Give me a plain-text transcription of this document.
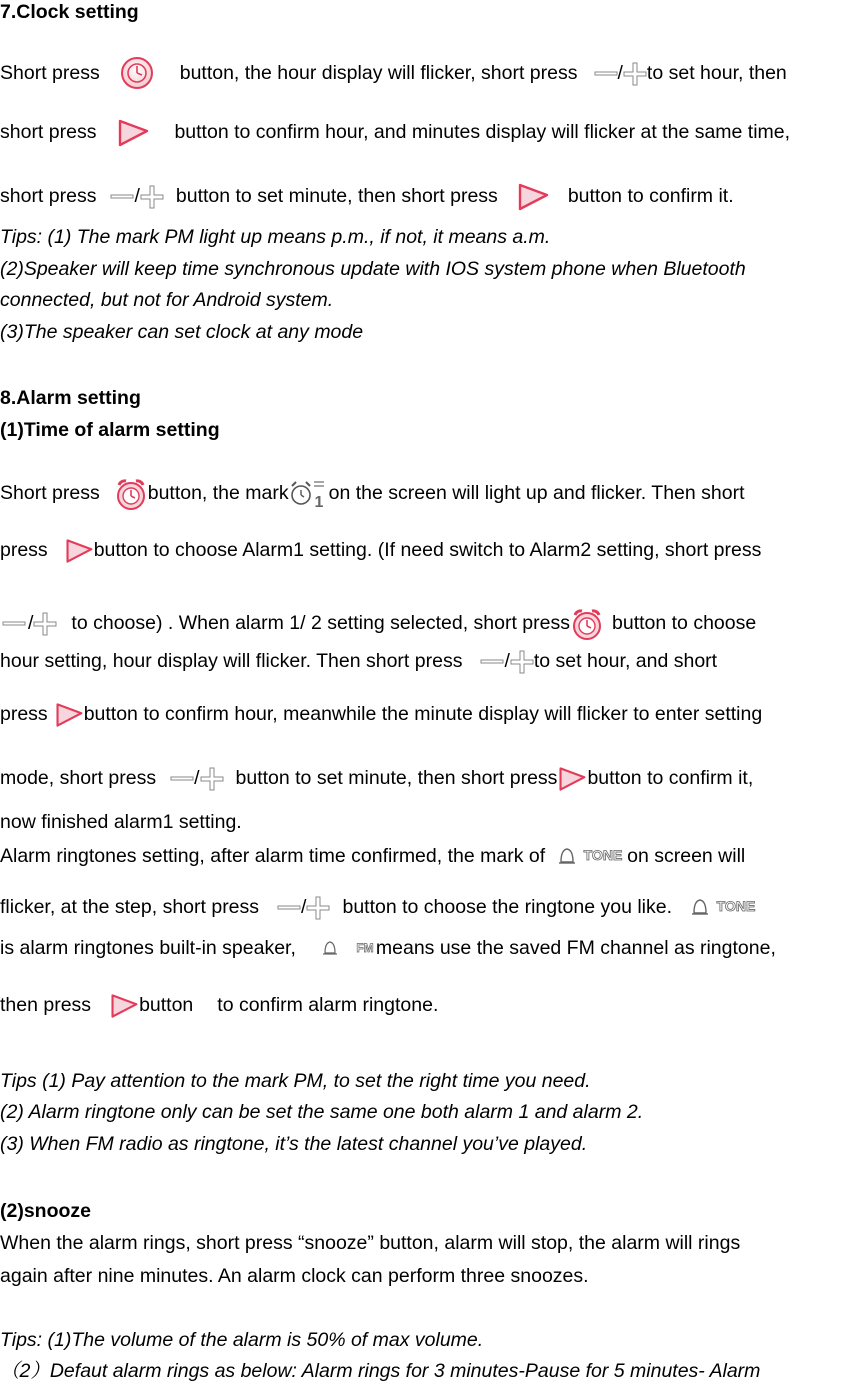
7.Clock setting
Short press	button, the hour display will flicker, short press / to set hour, then
short press	button to confirm hour, and minutes display will flicker at the same time,
short press / button to set minute, then short press	button to confirm it.
Tips: (1) The mark PM light up means p.m., if not, it means a.m.
(2)Speaker will keep time synchronous update with IOS system phone when Bluetooth
connected, but not for Android system.
(3)The speaker can set clock at any mode
8.Alarm setting
(1)Time of alarm setting
Short press button, the mark 1 on the screen will light up and flicker. Then short
press button to choose Alarm1 setting. (If need switch to Alarm2 setting, short press
/ to choose) . When alarm 1/ 2 setting selected, short press button to choose
hour setting, hour display will flicker. Then short press / to set hour, and short
press button to confirm hour, meanwhile the minute display will flicker to enter setting
mode, short press / button to set minute, then short press button to confirm it,
now finished alarm1 setting.
Alarm ringtones setting, after alarm time confirmed, the mark of	TONE on screen will
flicker, at the step, short press / button to choose the ringtone you like.	TONE
is alarm ringtones built-in speaker,	FM means use the saved FM channel as ringtone,
then press button to confirm alarm ringtone.
Tips (1) Pay attention to the mark PM, to set the right time you need.
(2) Alarm ringtone only can be set the same one both alarm 1 and alarm 2.
(3) When FM radio as ringtone, it’s the latest channel you’ve played.
(2)snooze
When the alarm rings, short press “snooze” button, alarm will stop, the alarm will rings
again after nine minutes. An alarm clock can perform three snoozes.
Tips: (1)The volume of the alarm is 50% of max volume.
（2）Defaut alarm rings as below: Alarm rings for 3 minutes-Pause for 5 minutes- Alarm
